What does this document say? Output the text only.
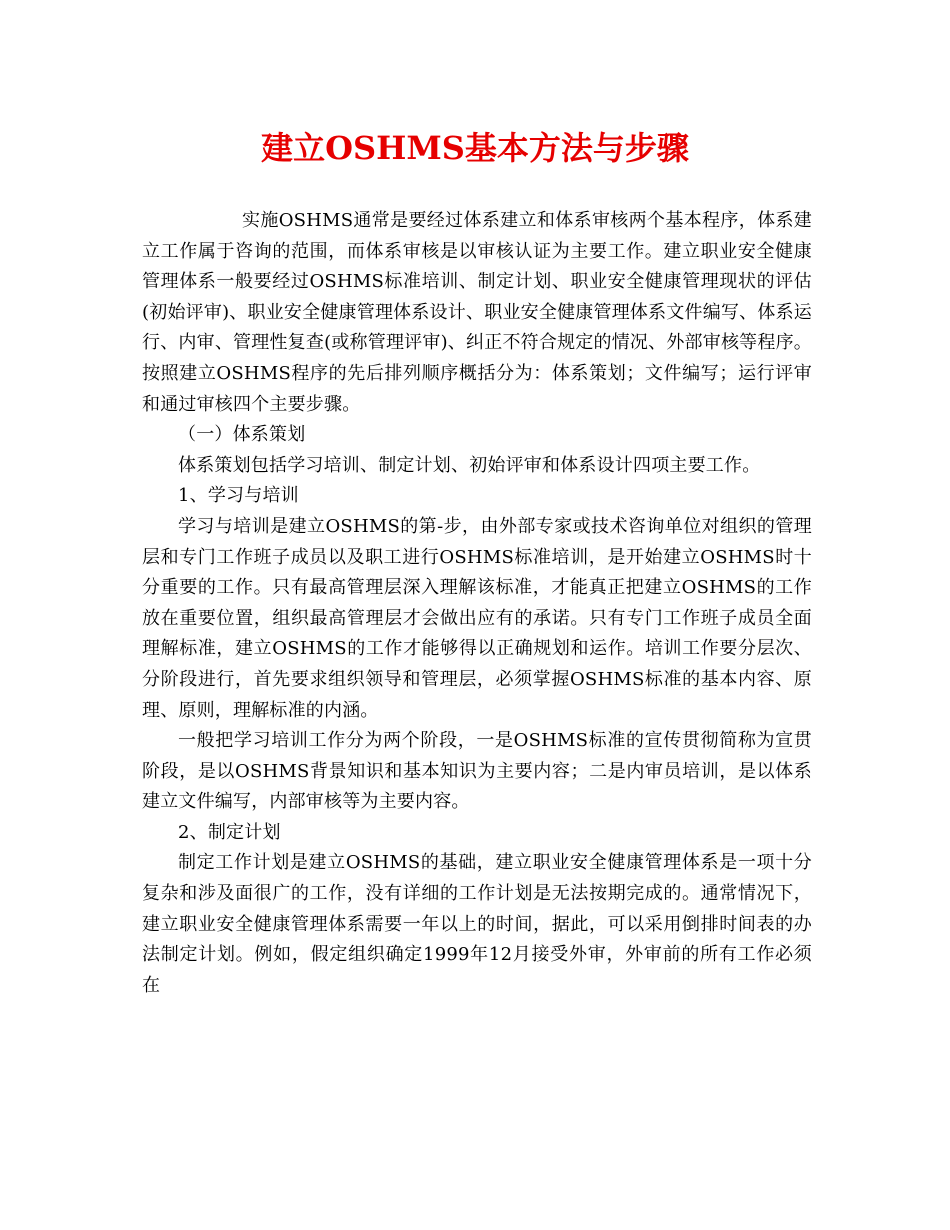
建立OSHMS基本方法与步骤

实施OSHMS通常是要经过体系建立和体系审核两个基本程序，体系建立工作属于咨询的范围，而体系审核是以审核认证为主要工作。建立职业安全健康管理体系一般要经过OSHMS标准培训、制定计划、职业安全健康管理现状的评估(初始评审)、职业安全健康管理体系设计、职业安全健康管理体系文件编写、体系运行、内审、管理性复查(或称管理评审)、纠正不符合规定的情况、外部审核等程序。按照建立OSHMS程序的先后排列顺序概括分为：体系策划；文件编写；运行评审和通过审核四个主要步骤。

（一）体系策划

体系策划包括学习培训、制定计划、初始评审和体系设计四项主要工作。

1、学习与培训

学习与培训是建立OSHMS的第-步，由外部专家或技术咨询单位对组织的管理层和专门工作班子成员以及职工进行OSHMS标准培训，是开始建立OSHMS时十分重要的工作。只有最高管理层深入理解该标准，才能真正把建立OSHMS的工作放在重要位置，组织最高管理层才会做出应有的承诺。只有专门工作班子成员全面理解标准，建立OSHMS的工作才能够得以正确规划和运作。培训工作要分层次、分阶段进行，首先要求组织领导和管理层，必须掌握OSHMS标准的基本内容、原理、原则，理解标准的内涵。

一般把学习培训工作分为两个阶段，一是OSHMS标准的宣传贯彻简称为宣贯阶段，是以OSHMS背景知识和基本知识为主要内容；二是内审员培训，是以体系建立文件编写，内部审核等为主要内容。

2、制定计划

制定工作计划是建立OSHMS的基础，建立职业安全健康管理体系是一项十分复杂和涉及面很广的工作，没有详细的工作计划是无法按期完成的。通常情况下，建立职业安全健康管理体系需要一年以上的时间，据此，可以采用倒排时间表的办法制定计划。例如，假定组织确定1999年12月接受外审，外审前的所有工作必须在
